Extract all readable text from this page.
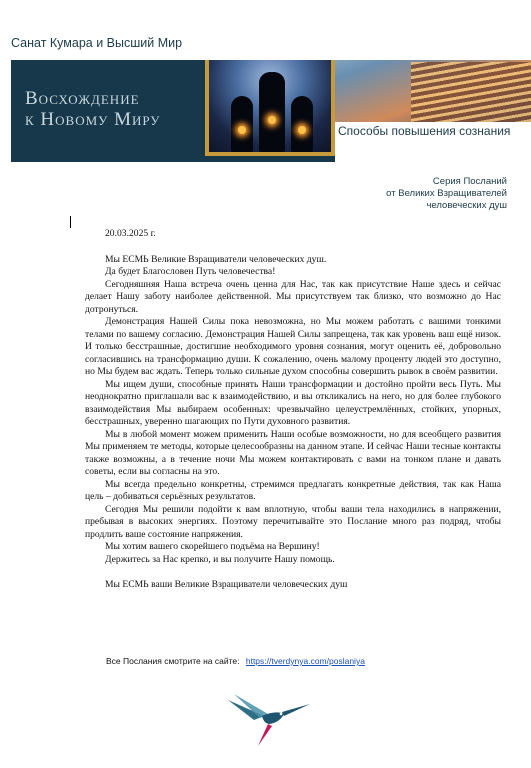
Санат Кумара и Высший Мир
Восхождение
к Новому Миру
Способы повышения сознания
Серия Посланий
от Великих Взращивателей
человеческих душ
20.03.2025 г.

Мы ЕСМЬ Великие Взращиватели человеческих душ.

Да будет Благословен Путь человечества!

Сегодняшняя Наша встреча очень ценна для Нас, так как присутствие Наше здесь и сейчас делает Нашу заботу наиболее действенной. Мы присутствуем так близко, что возможно до Нас дотронуться.

Демонстрация Нашей Силы пока невозможна, но Мы можем работать с вашими тонкими телами по вашему согласию. Демонстрация Нашей Силы запрещена, так как уровень ваш ещё низок. И только бесстрашные, достигшие необходимого уровня сознания, могут оценить её, добровольно согласившись на трансформацию души. К сожалению, очень малому проценту людей это доступно, но Мы будем вас ждать. Теперь только сильные духом способны совершить рывок в своём развитии.

Мы ищем души, способные принять Наши трансформации и достойно пройти весь Путь. Мы неоднократно приглашали вас к взаимодействию, и вы откликались на него, но для более глубокого взаимодействия Мы выбираем особенных: чрезвычайно целеустремлённых, стойких, упорных, бесстрашных, уверенно шагающих по Пути духовного развития.

Мы в любой момент можем применить Наши особые возможности, но для всеобщего развития Мы применяем те методы, которые целесообразны на данном этапе. И сейчас Наши тесные контакты также возможны, а в течение ночи Мы можем контактировать с вами на тонком плане и давать советы, если вы согласны на это.

Мы всегда предельно конкретны, стремимся предлагать конкретные действия, так как Наша цель – добиваться серьёзных результатов.

Сегодня Мы решили подойти к вам вплотную, чтобы ваши тела находились в напряжении, пребывая в высоких энергиях. Поэтому перечитывайте это Послание много раз подряд, чтобы продлить ваше состояние напряжения.

Мы хотим вашего скорейшего подъёма на Вершину!

Держитесь за Нас крепко, и вы получите Нашу помощь.

Мы ЕСМЬ ваши Великие Взращиватели человеческих душ

Все Послания смотрите на сайте: https://tverdynya.com/poslaniya
